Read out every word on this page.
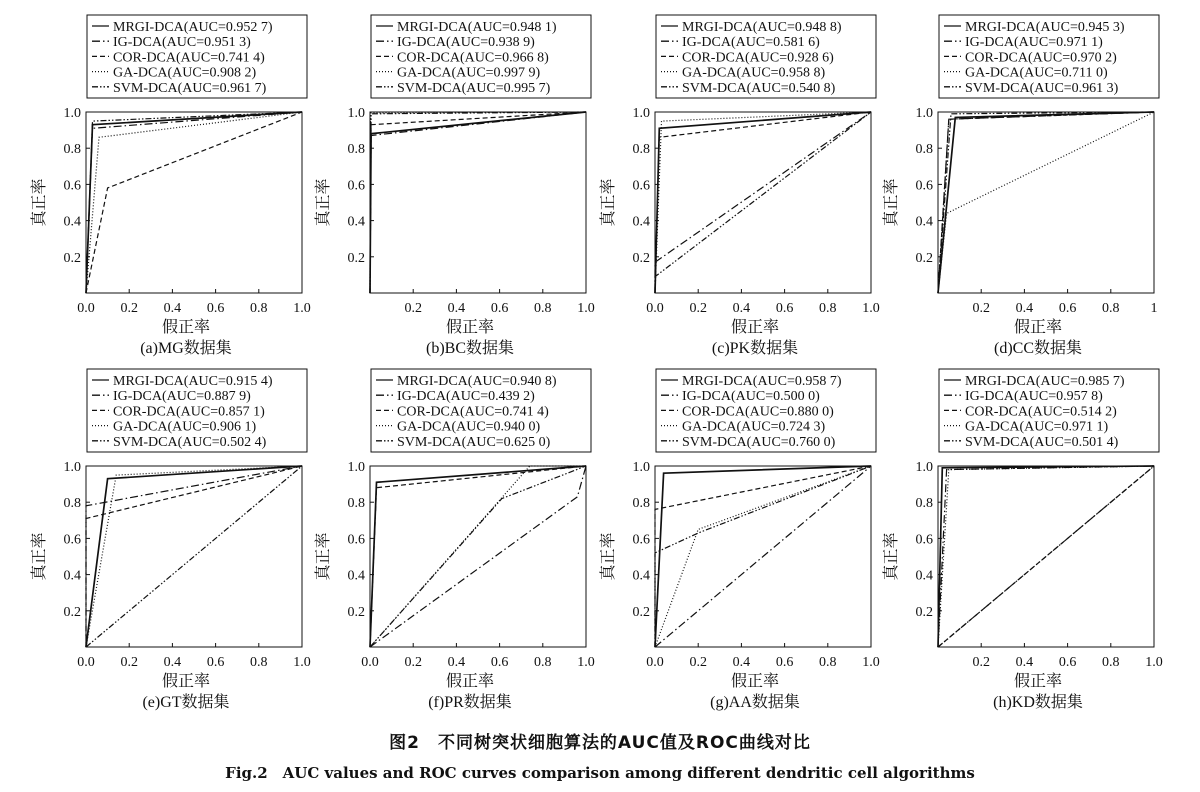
0.0 0.2 0.4 0.6 0.8 1.0
0.2
0.4
0.6
0.8
1.0
假正率
真正率
(a)MG数据集
MRGI-DCA(AUC=0.952 7)
IG-DCA(AUC=0.951 3)
COR-DCA(AUC=0.741 4)
GA-DCA(AUC=0.908 2)
SVM-DCA(AUC=0.961 7)
0.2 0.4 0.6 0.8 1.0
0.2
0.4
0.6
0.8
1.0
假正率
真正率
(b)BC数据集
MRGI-DCA(AUC=0.948 1)
IG-DCA(AUC=0.938 9)
COR-DCA(AUC=0.966 8)
GA-DCA(AUC=0.997 9)
SVM-DCA(AUC=0.995 7)
0.0 0.2 0.4 0.6 0.8 1.0
0.2
0.4
0.6
0.8
1.0
假正率
真正率
(c)PK数据集
MRGI-DCA(AUC=0.948 8)
IG-DCA(AUC=0.581 6)
COR-DCA(AUC=0.928 6)
GA-DCA(AUC=0.958 8)
SVM-DCA(AUC=0.540 8)
0.2 0.4 0.6 0.8 1
0.2
0.4
0.6
0.8
1.0
假正率
真正率
(d)CC数据集
MRGI-DCA(AUC=0.945 3)
IG-DCA(AUC=0.971 1)
COR-DCA(AUC=0.970 2)
GA-DCA(AUC=0.711 0)
SVM-DCA(AUC=0.961 3)
0.0 0.2 0.4 0.6 0.8 1.0
0.2
0.4
0.6
0.8
1.0
假正率
真正率
(e)GT数据集
MRGI-DCA(AUC=0.915 4)
IG-DCA(AUC=0.887 9)
COR-DCA(AUC=0.857 1)
GA-DCA(AUC=0.906 1)
SVM-DCA(AUC=0.502 4)
0.0 0.2 0.4 0.6 0.8 1.0
0.2
0.4
0.6
0.8
1.0
假正率
真正率
(f)PR数据集
MRGI-DCA(AUC=0.940 8)
IG-DCA(AUC=0.439 2)
COR-DCA(AUC=0.741 4)
GA-DCA(AUC=0.940 0)
SVM-DCA(AUC=0.625 0)
0.0 0.2 0.4 0.6 0.8 1.0
0.2
0.4
0.6
0.8
1.0
假正率
真正率
(g)AA数据集
MRGI-DCA(AUC=0.958 7)
IG-DCA(AUC=0.500 0)
COR-DCA(AUC=0.880 0)
GA-DCA(AUC=0.724 3)
SVM-DCA(AUC=0.760 0)
0.2 0.4 0.6 0.8 1.0
0.2
0.4
0.6
0.8
1.0
假正率
真正率
(h)KD数据集
MRGI-DCA(AUC=0.985 7)
IG-DCA(AUC=0.957 8)
COR-DCA(AUC=0.514 2)
GA-DCA(AUC=0.971 1)
SVM-DCA(AUC=0.501 4)
图2　不同树突状细胞算法的AUC值及ROC曲线对比
Fig.2　AUC values and ROC curves comparison among different dendritic cell algorithms
